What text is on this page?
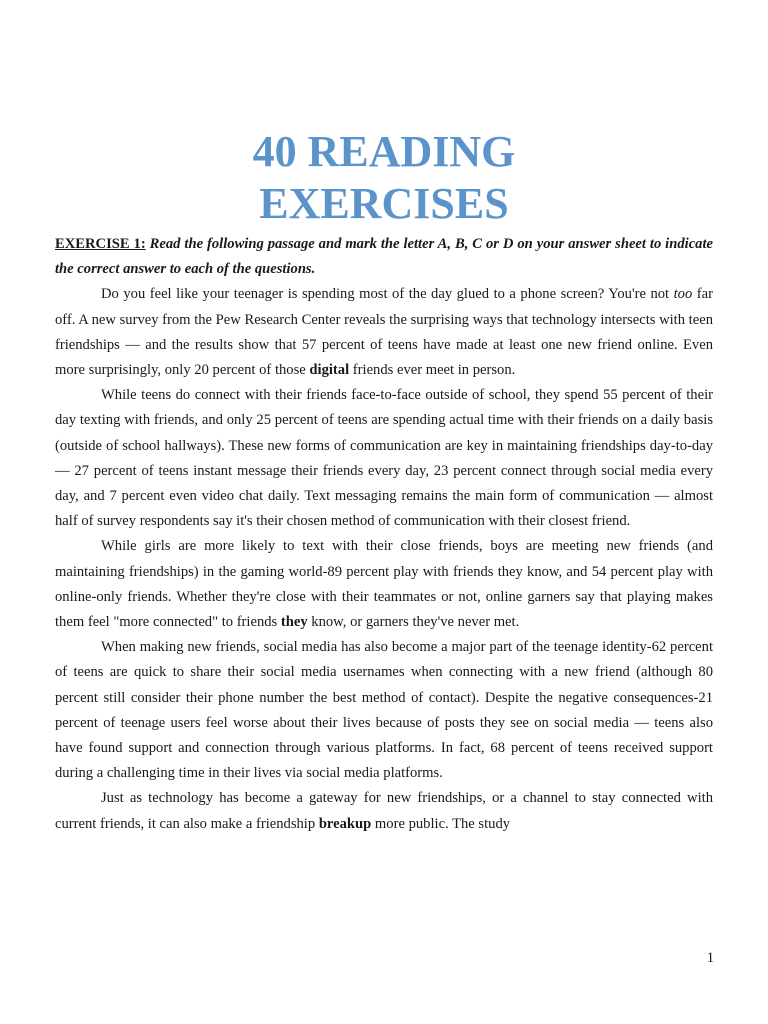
40 READING
EXERCISES

EXERCISE 1: Read the following passage and mark the letter A, B, C or D on your answer sheet to indicate the correct answer to each of the questions.

Do you feel like your teenager is spending most of the day glued to a phone screen? You're not too far off. A new survey from the Pew Research Center reveals the surprising ways that technology intersects with teen friendships — and the results show that 57 percent of teens have made at least one new friend online. Even more surprisingly, only 20 percent of those digital friends ever meet in person.

While teens do connect with their friends face-to-face outside of school, they spend 55 percent of their day texting with friends, and only 25 percent of teens are spending actual time with their friends on a daily basis (outside of school hallways). These new forms of communication are key in maintaining friendships day-to-day — 27 percent of teens instant message their friends every day, 23 percent connect through social media every day, and 7 percent even video chat daily. Text messaging remains the main form of communication — almost half of survey respondents say it's their chosen method of communication with their closest friend.

While girls are more likely to text with their close friends, boys are meeting new friends (and maintaining friendships) in the gaming world-89 percent play with friends they know, and 54 percent play with online-only friends. Whether they're close with their teammates or not, online garners say that playing makes them feel "more connected" to friends they know, or garners they've never met.

When making new friends, social media has also become a major part of the teenage identity-62 percent of teens are quick to share their social media usernames when connecting with a new friend (although 80 percent still consider their phone number the best method of contact). Despite the negative consequences-21 percent of teenage users feel worse about their lives because of posts they see on social media — teens also have found support and connection through various platforms. In fact, 68 percent of teens received support during a challenging time in their lives via social media platforms.

Just as technology has become a gateway for new friendships, or a channel to stay connected with current friends, it can also make a friendship breakup more public. The study

1
